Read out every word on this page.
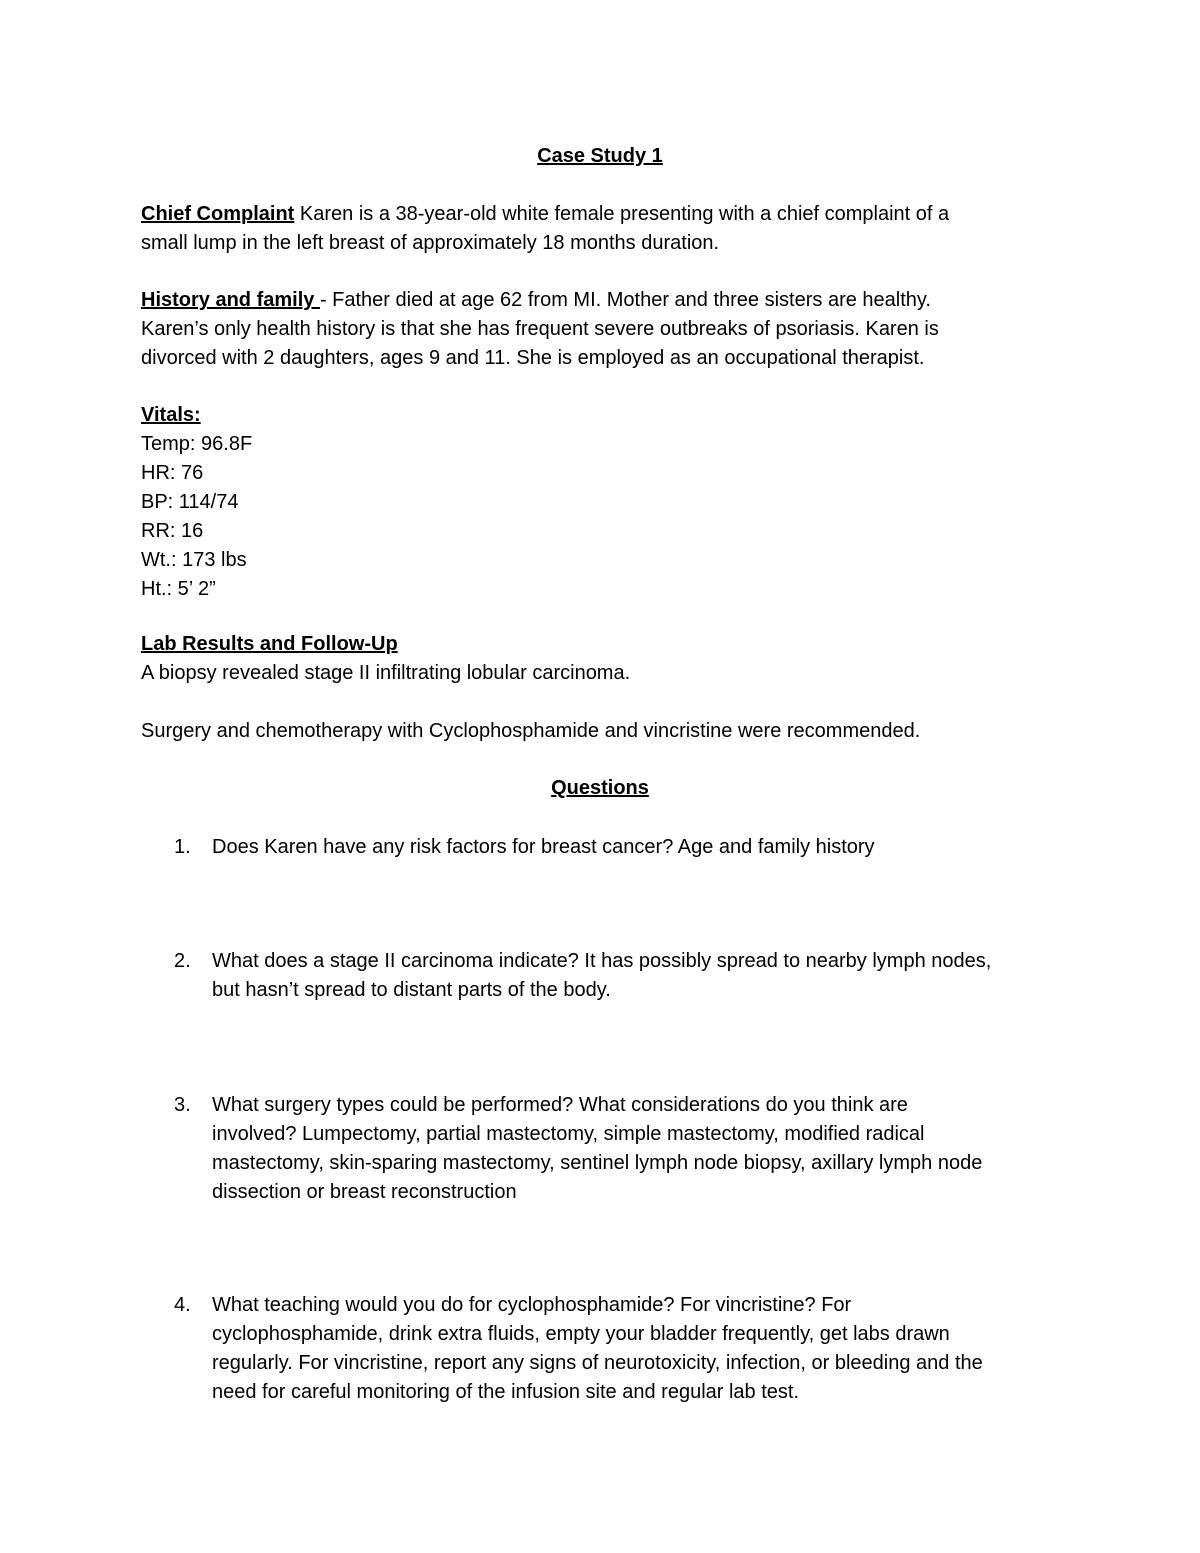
Case Study 1
Chief Complaint Karen is a 38-year-old white female presenting with a chief complaint of a
small lump in the left breast of approximately 18 months duration.
History and family - Father died at age 62 from MI. Mother and three sisters are healthy.
Karen’s only health history is that she has frequent severe outbreaks of psoriasis. Karen is
divorced with 2 daughters, ages 9 and 11. She is employed as an occupational therapist.
Vitals:
Temp: 96.8F
HR: 76
BP: 114/74
RR: 16
Wt.: 173 lbs
Ht.: 5’ 2”
Lab Results and Follow-Up
A biopsy revealed stage II infiltrating lobular carcinoma.
Surgery and chemotherapy with Cyclophosphamide and vincristine were recommended.
Questions
1.	Does Karen have any risk factors for breast cancer? Age and family history
2.	What does a stage II carcinoma indicate? It has possibly spread to nearby lymph nodes,
but hasn’t spread to distant parts of the body.
3.	What surgery types could be performed? What considerations do you think are
involved? Lumpectomy, partial mastectomy, simple mastectomy, modified radical
mastectomy, skin-sparing mastectomy, sentinel lymph node biopsy, axillary lymph node
dissection or breast reconstruction
4.	What teaching would you do for cyclophosphamide? For vincristine? For
cyclophosphamide, drink extra fluids, empty your bladder frequently, get labs drawn
regularly. For vincristine, report any signs of neurotoxicity, infection, or bleeding and the
need for careful monitoring of the infusion site and regular lab test.
